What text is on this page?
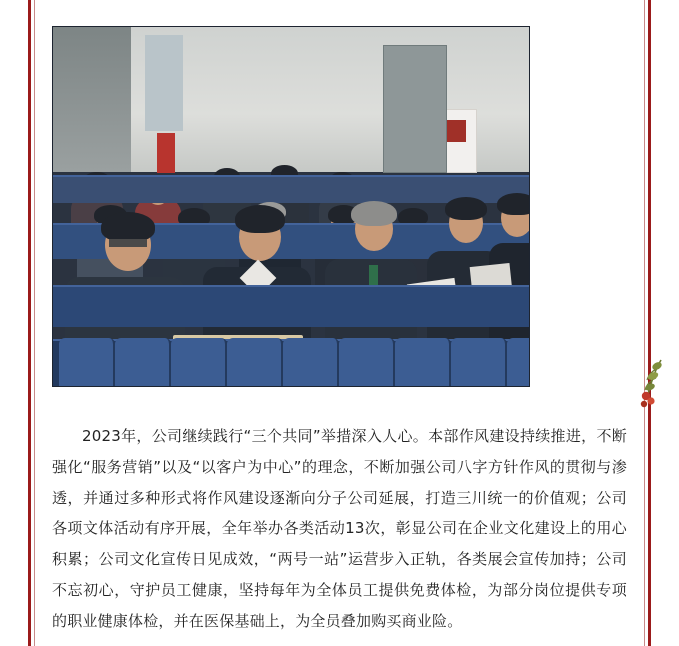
2023年，公司继续践行“三个共同”举措深入人心。本部作风建设持续推进，不断强化“服务营销”以及“以客户为中心”的理念，不断加强公司八字方针作风的贯彻与渗透，并通过多种形式将作风建设逐渐向分子公司延展，打造三川统一的价值观；公司各项文体活动有序开展，全年举办各类活动13次，彰显公司在企业文化建设上的用心积累；公司文化宣传日见成效，“两号一站”运营步入正轨，各类展会宣传加持；公司不忘初心，守护员工健康，坚持每年为全体员工提供免费体检，为部分岗位提供专项的职业健康体检，并在医保基础上，为全员叠加购买商业险。
